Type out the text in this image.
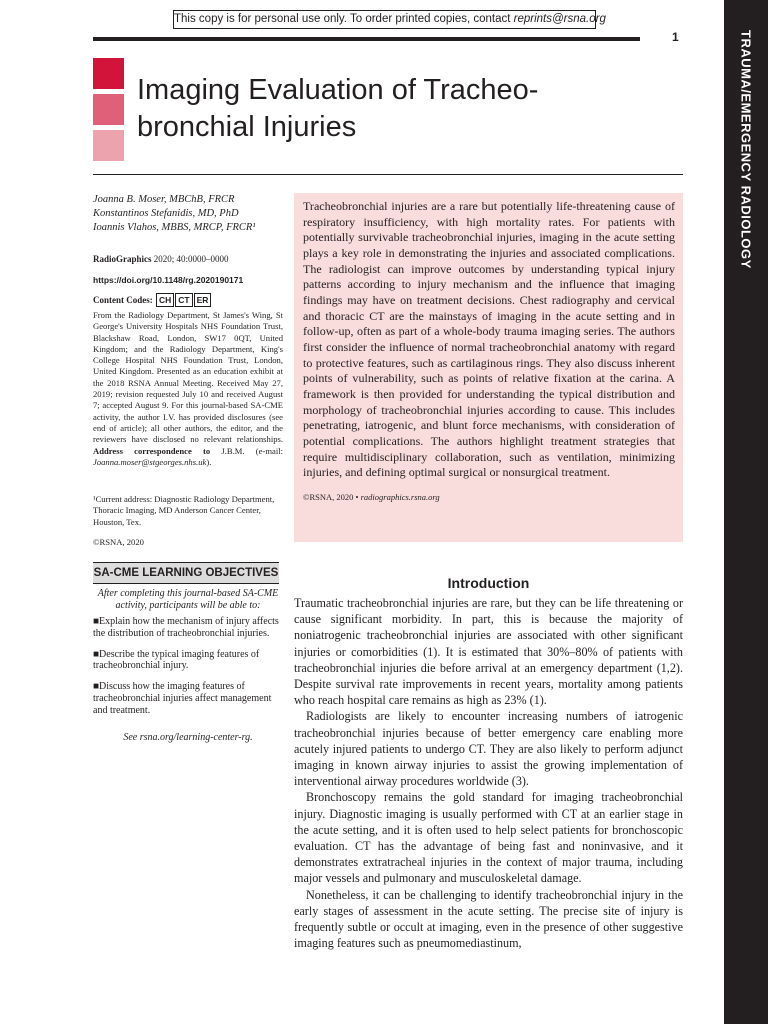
This copy is for personal use only. To order printed copies, contact reprints@rsna.org
1	TRAUMA/EMERGENCY RADIOLOGY
Imaging Evaluation of Tracheo-
bronchial Injuries
Joanna B. Moser, MBChB, FRCR
Konstantinos Stefanidis, MD, PhD
Ioannis Vlahos, MBBS, MRCP, FRCR¹
RadioGraphics 2020; 40:0000–0000
https://doi.org/10.1148/rg.2020190171
Content Codes: CH CT ER
From the Radiology Department, St James's Wing, St George's University Hospitals NHS Foundation Trust, Blackshaw Road, London, SW17 0QT, United Kingdom; and the Radiology Department, King's College Hospital NHS Foundation Trust, London, United Kingdom. Presented as an education exhibit at the 2018 RSNA Annual Meeting. Received May 27, 2019; revision requested July 10 and received August 7; accepted August 9. For this journal-based SA-CME activity, the author I.V. has provided disclosures (see end of article); all other authors, the editor, and the reviewers have disclosed no relevant relationships. Address correspondence to J.B.M. (e-mail: Joanna.moser@stgeorges.nhs.uk).
¹Current address: Diagnostic Radiology Department, Thoracic Imaging, MD Anderson Cancer Center, Houston, Tex.
©RSNA, 2020
Tracheobronchial injuries are a rare but potentially life-threatening cause of respiratory insufficiency, with high mortality rates. For patients with potentially survivable tracheobronchial injuries, imaging in the acute setting plays a key role in demonstrating the injuries and associated complications. The radiologist can improve outcomes by understanding typical injury patterns according to injury mechanism and the influence that imaging findings may have on treatment decisions. Chest radiography and cervical and thoracic CT are the mainstays of imaging in the acute setting and in follow-up, often as part of a whole-body trauma imaging series. The authors first consider the influence of normal tracheobronchial anatomy with regard to protective features, such as cartilaginous rings. They also discuss inherent points of vulnerability, such as points of relative fixation at the carina. A framework is then provided for understanding the typical distribution and morphology of tracheobronchial injuries according to cause. This includes penetrating, iatrogenic, and blunt force mechanisms, with consideration of potential complications. The authors highlight treatment strategies that require multidisciplinary collaboration, such as ventilation, minimizing injuries, and defining optimal surgical or nonsurgical treatment.
©RSNA, 2020 • radiographics.rsna.org
SA-CME LEARNING OBJECTIVES
After completing this journal-based SA-CME activity, participants will be able to:
■Explain how the mechanism of injury affects the distribution of tracheobronchial injuries.
■Describe the typical imaging features of tracheobronchial injury.
■Discuss how the imaging features of tracheobronchial injuries affect management and treatment.
See rsna.org/learning-center-rg.
Introduction

Traumatic tracheobronchial injuries are rare, but they can be life threatening or cause significant morbidity. In part, this is because the majority of noniatrogenic tracheobronchial injuries are associated with other significant injuries or comorbidities (1). It is estimated that 30%–80% of patients with tracheobronchial injuries die before arrival at an emergency department (1,2). Despite survival rate improvements in recent years, mortality among patients who reach hospital care remains as high as 23% (1).

Radiologists are likely to encounter increasing numbers of iatrogenic tracheobronchial injuries because of better emergency care enabling more acutely injured patients to undergo CT. They are also likely to perform adjunct imaging in known airway injuries to assist the growing implementation of interventional airway procedures worldwide (3).

Bronchoscopy remains the gold standard for imaging tracheobronchial injury. Diagnostic imaging is usually performed with CT at an earlier stage in the acute setting, and it is often used to help select patients for bronchoscopic evaluation. CT has the advantage of being fast and noninvasive, and it demonstrates extratracheal injuries in the context of major trauma, including major vessels and pulmonary and musculoskeletal damage.

Nonetheless, it can be challenging to identify tracheobronchial injury in the early stages of assessment in the acute setting. The precise site of injury is frequently subtle or occult at imaging, even in the presence of other suggestive imaging features such as pneumomediastinum,
